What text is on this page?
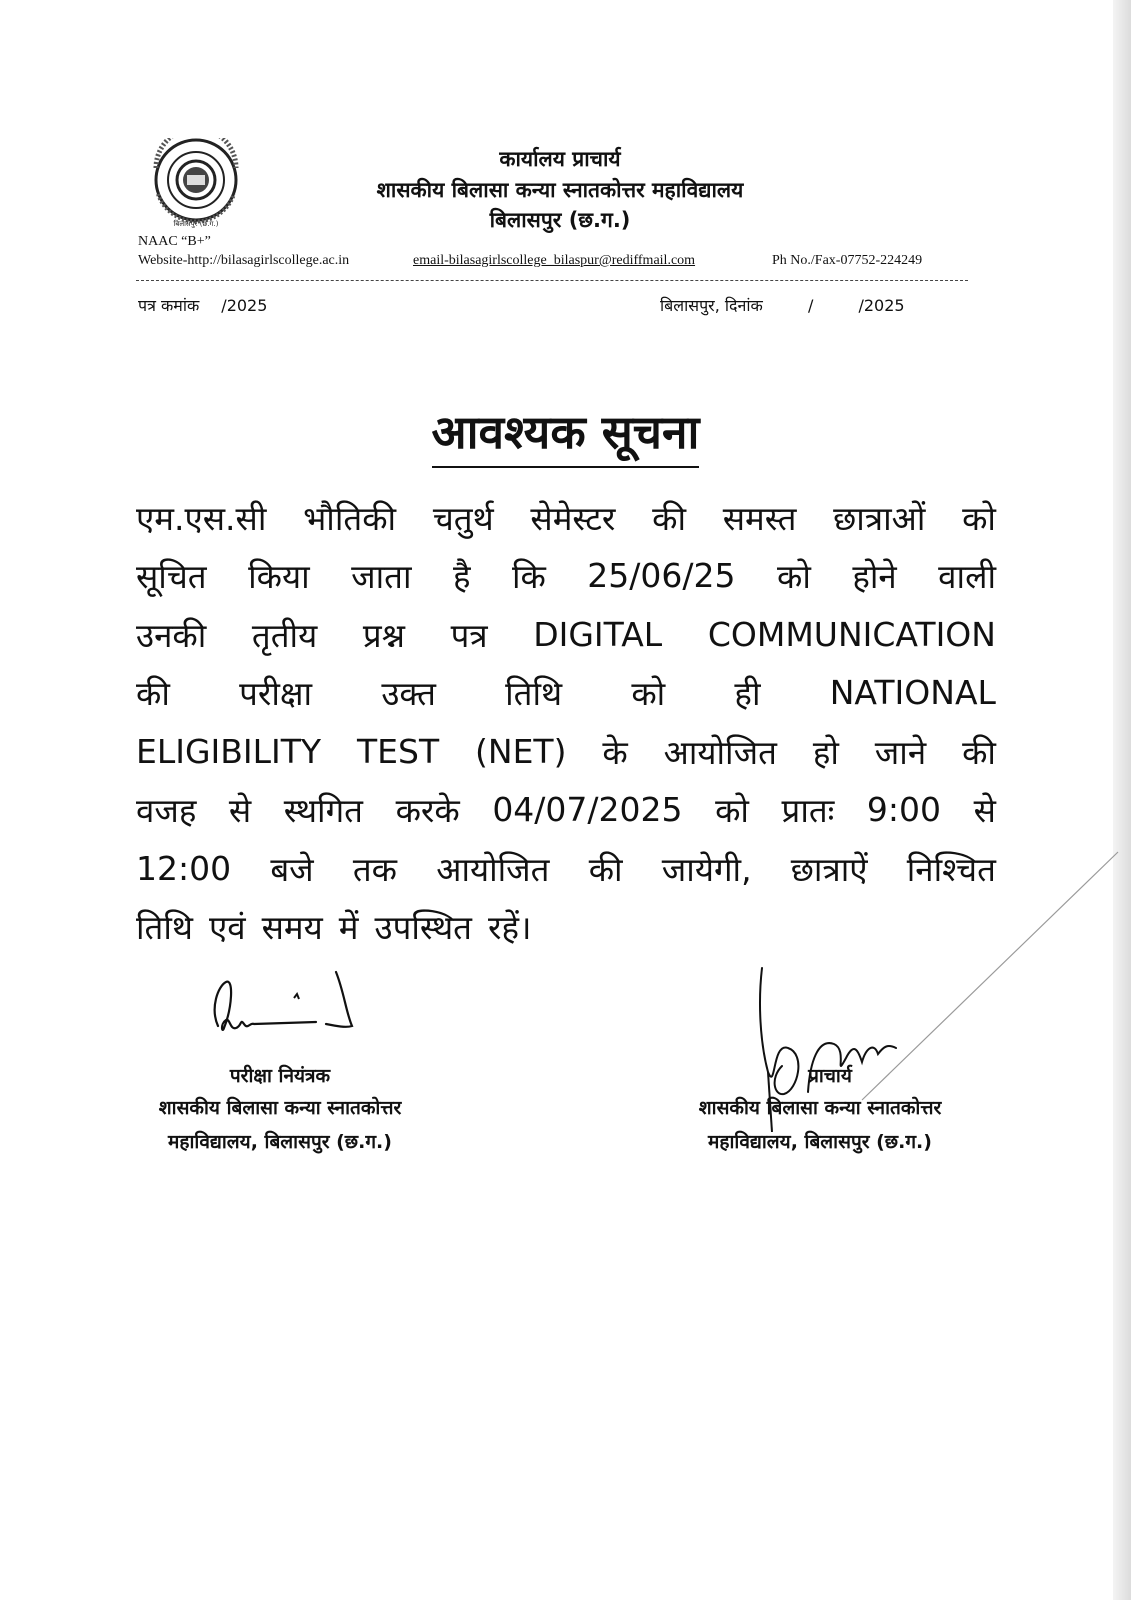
बिलासपुर (छ.ग.)
कार्यालय प्राचार्य
शासकीय बिलासा कन्या स्नातकोत्तर महाविद्यालय
बिलासपुर (छ.ग.)
NAAC “B+”
Website-http://bilasagirlscollege.ac.in	email-bilasagirlscollege_bilaspur@rediffmail.com	Ph No./Fax-07752-224249
पत्र कमांक /2025	बिलासपुर, दिनांक	/	/2025
आवश्यक सूचना
एम.एस.सी भौतिकी चतुर्थ सेमेस्टर की समस्त छात्राओं को
सूचित किया जाता है कि 25/06/25 को होने वाली
उनकी तृतीय प्रश्न पत्र DIGITAL COMMUNICATION
की परीक्षा उक्त तिथि को ही NATIONAL
ELIGIBILITY TEST (NET) के आयोजित हो जाने की
वजह से स्थगित करके 04/07/2025 को प्रातः 9:00 से
12:00 बजे तक आयोजित की जायेगी, छात्राऐं निश्चित
तिथि एवं समय में उपस्थित रहें।
परीक्षा नियंत्रक
शासकीय बिलासा कन्या स्नातकोत्तर
महाविद्यालय, बिलासपुर (छ.ग.)
प्राचार्य
शासकीय बिलासा कन्या स्नातकोत्तर
महाविद्यालय, बिलासपुर (छ.ग.)
